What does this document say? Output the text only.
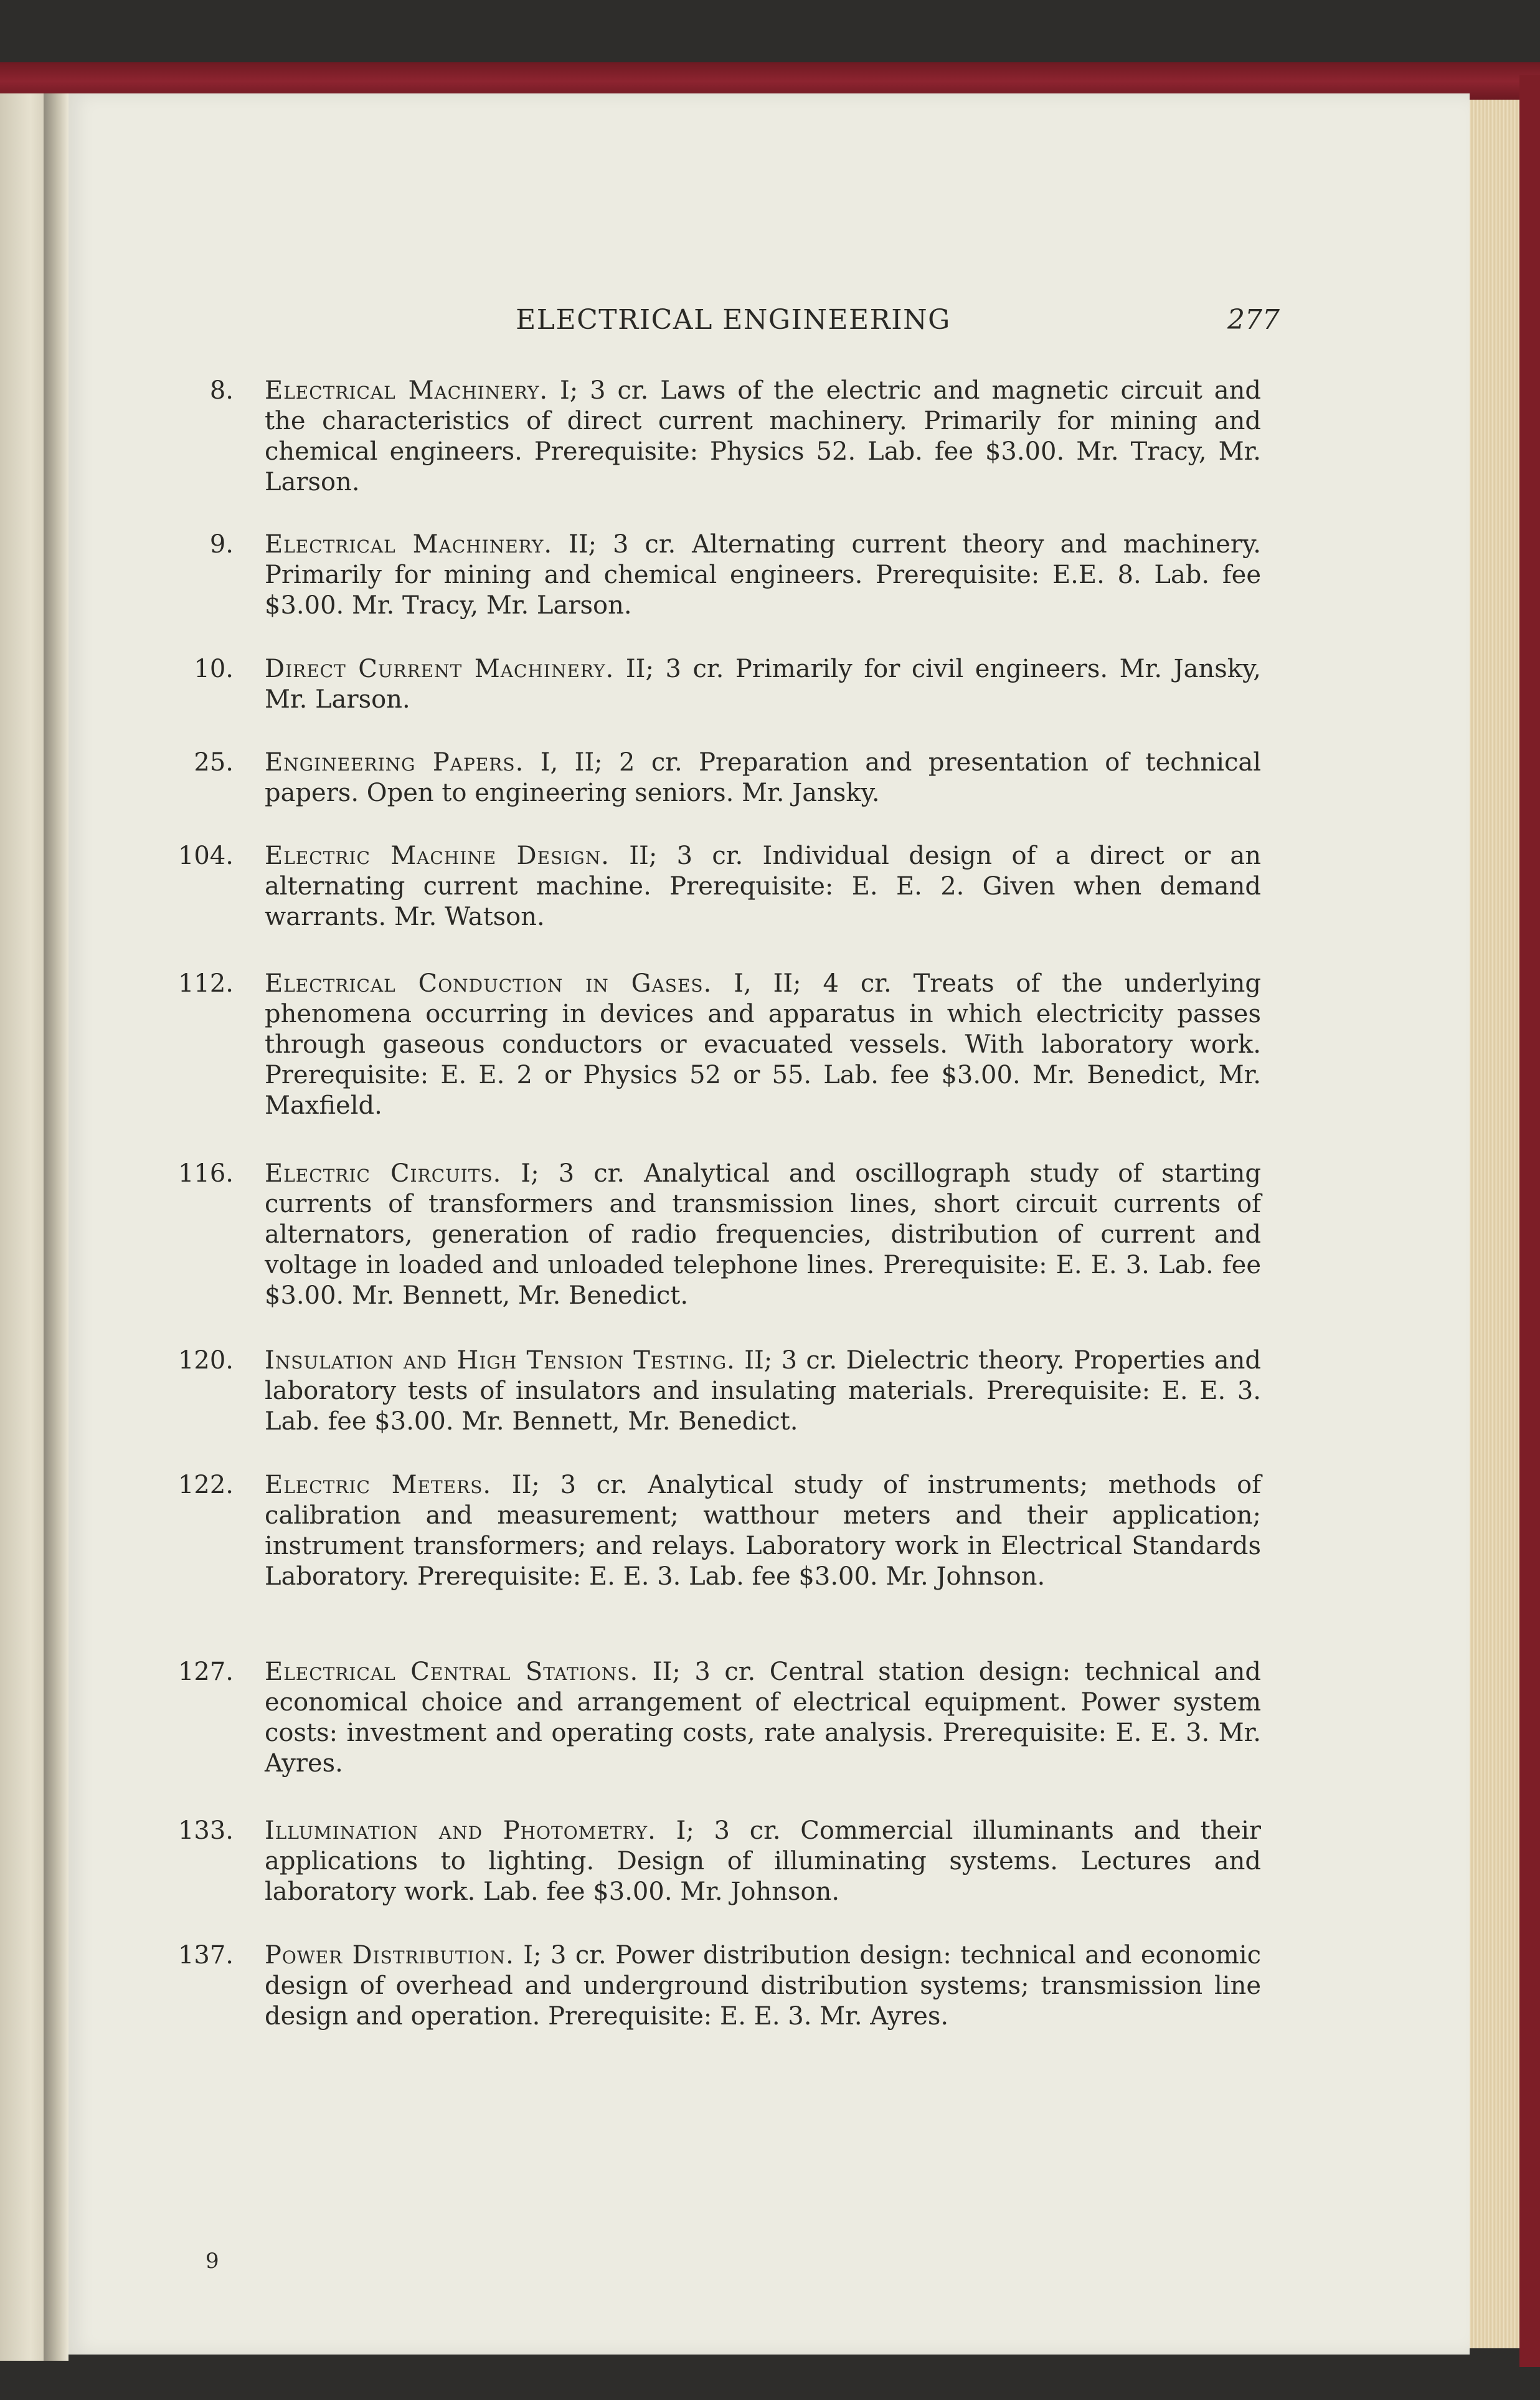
ELECTRICAL ENGINEERING	277
8. Electrical Machinery. I; 3 cr. Laws of the electric and magnetic circuit and the characteristics of direct current machinery. Primarily for mining and chemical engineers. Prerequisite: Physics 52. Lab. fee $3.00. Mr. Tracy, Mr. Larson.
9. Electrical Machinery. II; 3 cr. Alternating current theory and machinery. Primarily for mining and chemical engineers. Prerequisite: E.E. 8. Lab. fee $3.00. Mr. Tracy, Mr. Larson.
10. Direct Current Machinery. II; 3 cr. Primarily for civil engineers. Mr. Jansky, Mr. Larson.
25. Engineering Papers. I, II; 2 cr. Preparation and presentation of technical papers. Open to engineering seniors. Mr. Jansky.
104. Electric Machine Design. II; 3 cr. Individual design of a direct or an alternating current machine. Prerequisite: E. E. 2. Given when demand warrants. Mr. Watson.
112. Electrical Conduction in Gases. I, II; 4 cr. Treats of the underlying phenomena occurring in devices and apparatus in which electricity passes through gaseous conductors or evacuated vessels. With laboratory work. Prerequisite: E. E. 2 or Physics 52 or 55. Lab. fee $3.00. Mr. Benedict, Mr. Maxfield.
116. Electric Circuits. I; 3 cr. Analytical and oscillograph study of starting currents of transformers and transmission lines, short circuit currents of alternators, generation of radio frequencies, distribution of current and voltage in loaded and unloaded telephone lines. Prerequisite: E. E. 3. Lab. fee $3.00. Mr. Bennett, Mr. Benedict.
120. Insulation and High Tension Testing. II; 3 cr. Dielectric theory. Properties and laboratory tests of insulators and insulating materials. Prerequisite: E. E. 3. Lab. fee $3.00. Mr. Bennett, Mr. Benedict.
122. Electric Meters. II; 3 cr. Analytical study of instruments; methods of calibration and measurement; watthour meters and their application; instrument transformers; and relays. Laboratory work in Electrical Standards Laboratory. Prerequisite: E. E. 3. Lab. fee $3.00. Mr. Johnson.
127. Electrical Central Stations. II; 3 cr. Central station design: technical and economical choice and arrangement of electrical equipment. Power system costs: investment and operating costs, rate analysis. Prerequisite: E. E. 3. Mr. Ayres.
133. Illumination and Photometry. I; 3 cr. Commercial illuminants and their applications to lighting. Design of illuminating systems. Lectures and laboratory work. Lab. fee $3.00. Mr. Johnson.
137. Power Distribution. I; 3 cr. Power distribution design: technical and economic design of overhead and underground distribution systems; transmission line design and operation. Prerequisite: E. E. 3. Mr. Ayres.
9
